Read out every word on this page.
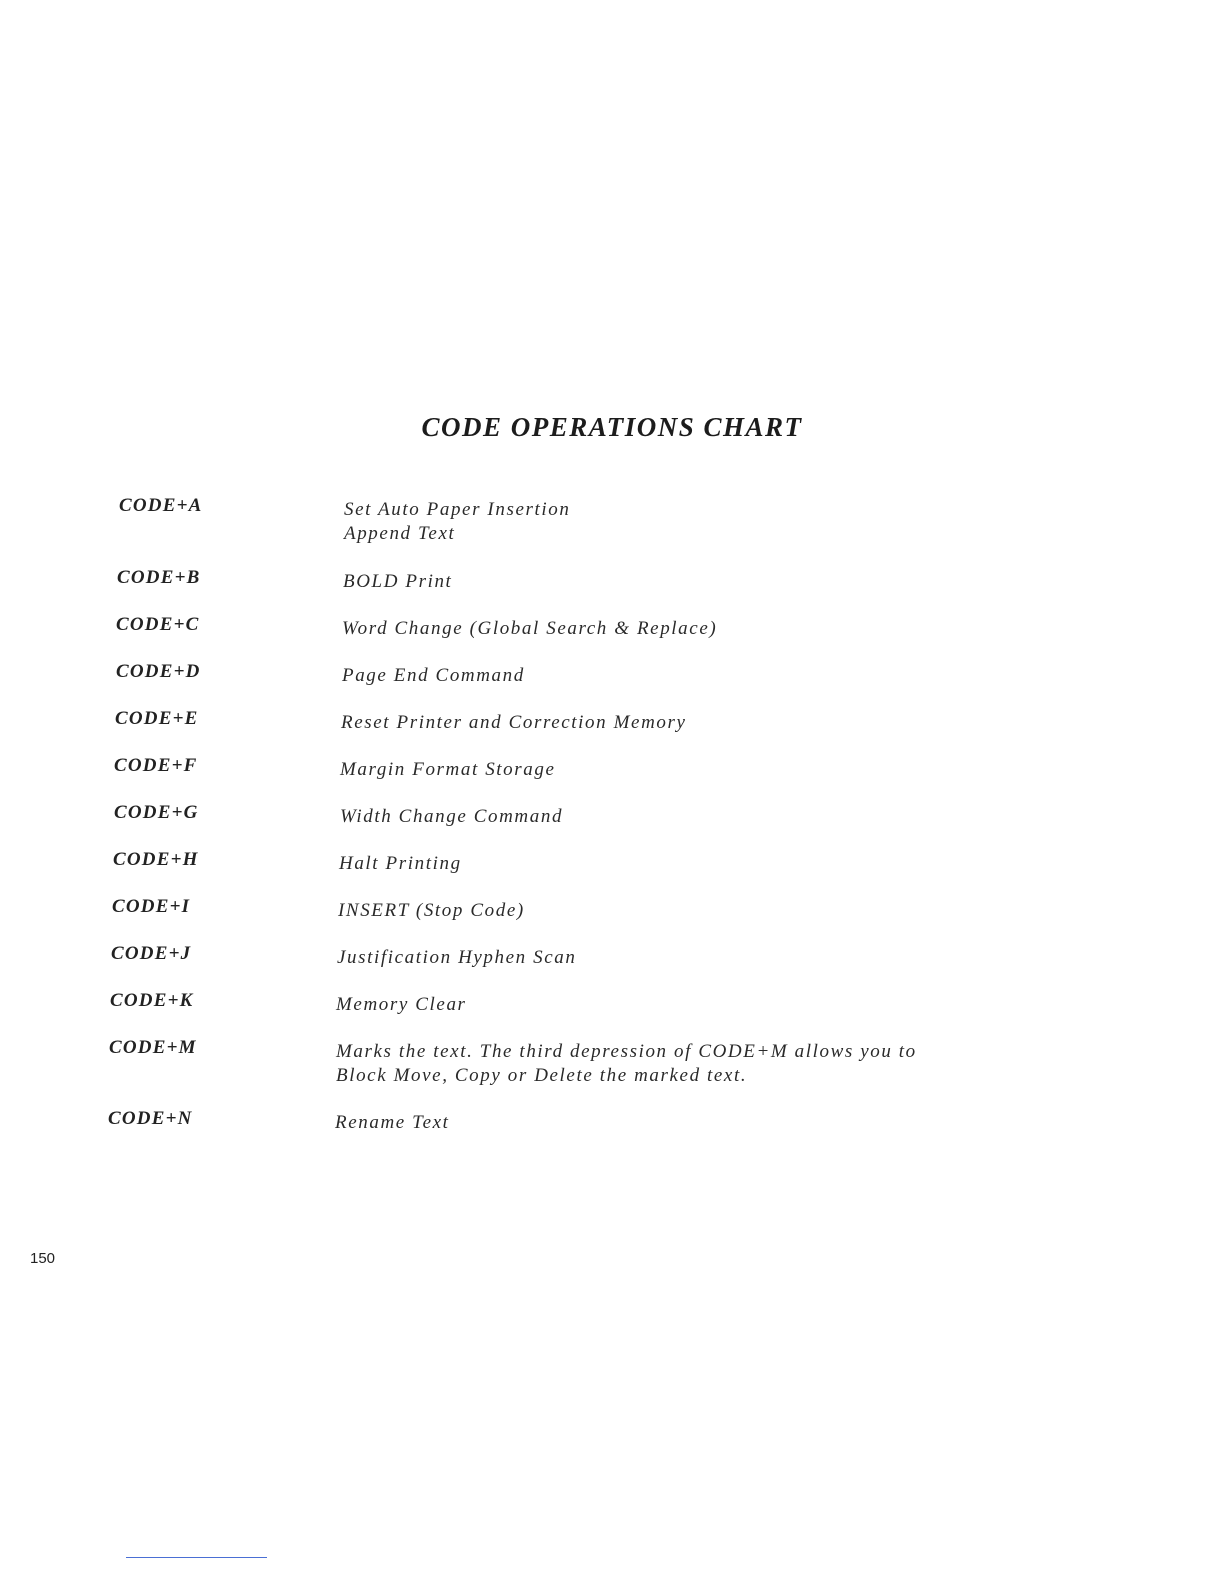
CODE OPERATIONS CHART
CODE+A	Set Auto Paper Insertion
Append Text
CODE+B	BOLD Print
CODE+C	Word Change (Global Search & Replace)
CODE+D	Page End Command
CODE+E	Reset Printer and Correction Memory
CODE+F	Margin Format Storage
CODE+G	Width Change Command
CODE+H	Halt Printing
CODE+I	INSERT (Stop Code)
CODE+J	Justification Hyphen Scan
CODE+K	Memory Clear
CODE+M	Marks the text. The third depression of CODE+M allows you to
Block Move, Copy or Delete the marked text.
CODE+N	Rename Text
150
